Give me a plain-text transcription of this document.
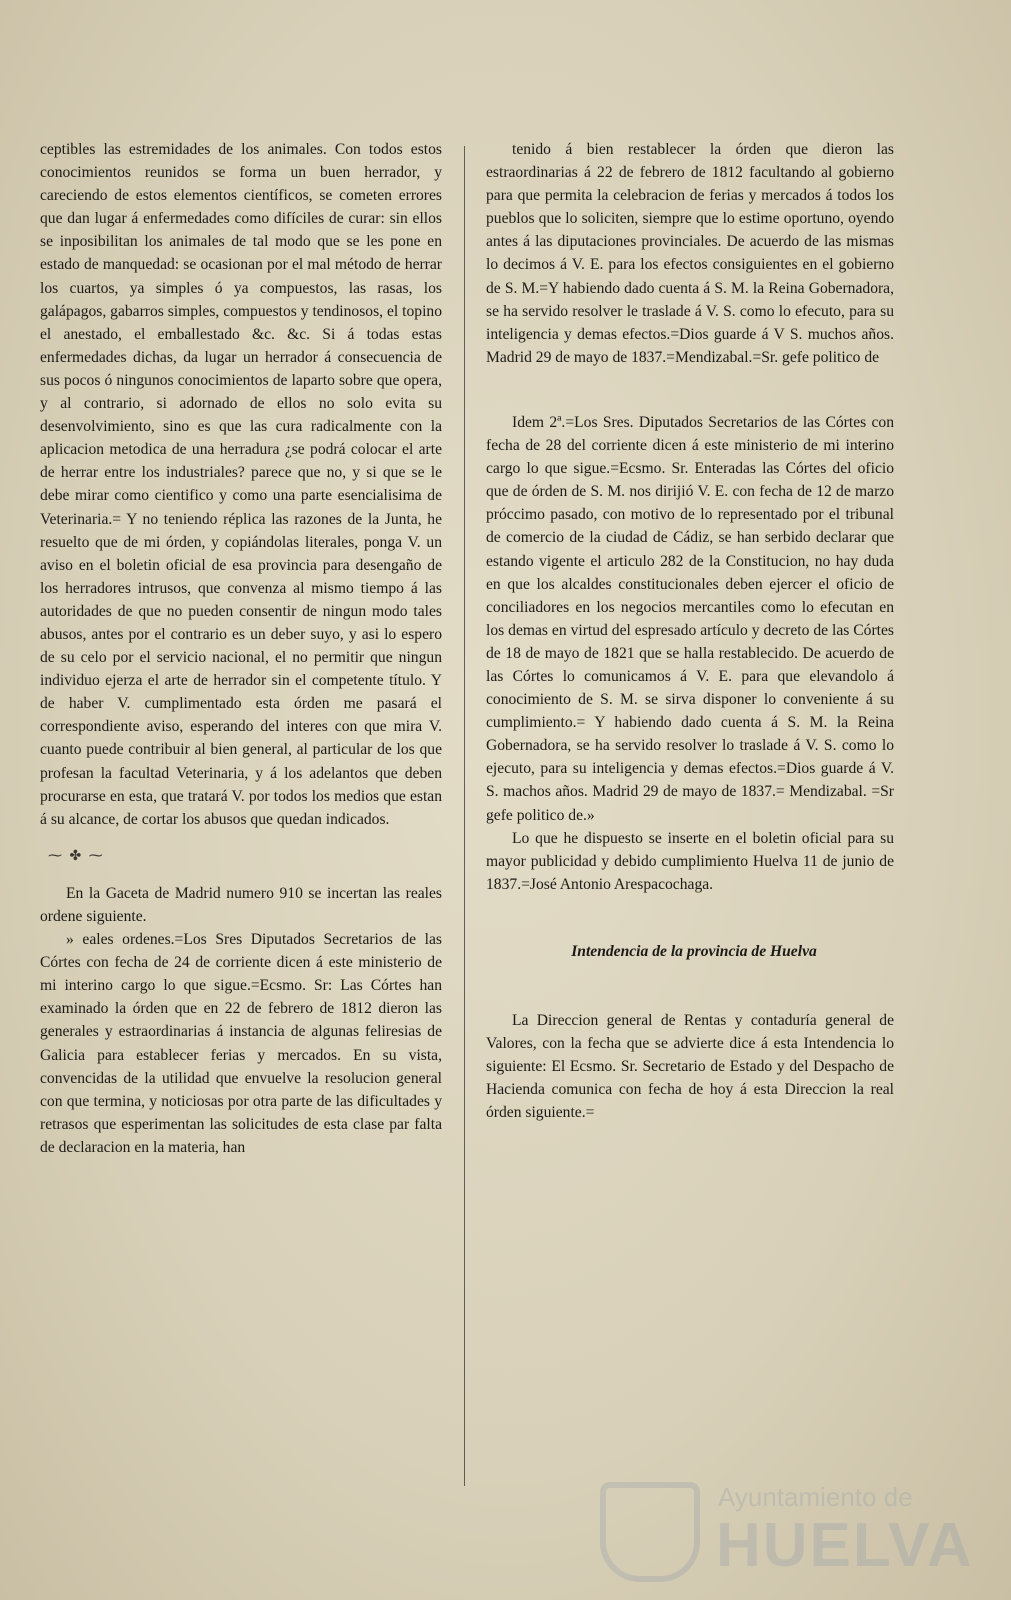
ceptibles las estremidades de los animales. Con todos estos conocimientos reunidos se forma un buen herrador, y careciendo de estos elementos científicos, se cometen errores que dan lugar á enfermedades como difíciles de curar: sin ellos se inposibilitan los animales de tal modo que se les pone en estado de manquedad: se ocasionan por el mal método de herrar los cuartos, ya simples ó ya compuestos, las rasas, los galápagos, gabarros simples, compuestos y tendinosos, el topino el anestado, el emballestado &c. &c. Si á todas estas enfermedades dichas, da lugar un herrador á consecuencia de sus pocos ó ningunos conocimientos de laparto sobre que opera, y al contrario, si adornado de ellos no solo evita su desenvolvimiento, sino es que las cura radicalmente con la aplicacion metodica de una herradura ¿se podrá colocar el arte de herrar entre los industriales? parece que no, y si que se le debe mirar como cientifico y como una parte esencialisima de Veterinaria.= Y no teniendo réplica las razones de la Junta, he resuelto que de mi órden, y copiándolas literales, ponga V. un aviso en el boletin oficial de esa provincia para desengaño de los herradores intrusos, que convenza al mismo tiempo á las autoridades de que no pueden consentir de ningun modo tales abusos, antes por el contrario es un deber suyo, y asi lo espero de su celo por el servicio nacional, el no permitir que ningun individuo ejerza el arte de herrador sin el competente título. Y de haber V. cumplimentado esta órden me pasará el correspondiente aviso, esperando del interes con que mira V. cuanto puede contribuir al bien general, al particular de los que profesan la facultad Veterinaria, y á los adelantos que deben procurarse en esta, que tratará V. por todos los medios que estan á su alcance, de cortar los abusos que quedan indicados.

⁓ ✤ ⁓

En la Gaceta de Madrid numero 910 se incertan las reales ordene siguiente.

» eales ordenes.=Los Sres Diputados Secretarios de las Córtes con fecha de 24 de corriente dicen á este ministerio de mi interino cargo lo que sigue.=Ecsmo. Sr: Las Córtes han examinado la órden que en 22 de febrero de 1812 dieron las generales y estraordinarias á instancia de algunas feliresias de Galicia para establecer ferias y mercados. En su vista, convencidas de la utilidad que envuelve la resolucion general con que termina, y noticiosas por otra parte de las dificultades y retrasos que esperimentan las solicitudes de esta clase par falta de declaracion en la materia, han

tenido á bien restablecer la órden que dieron las estraordinarias á 22 de febrero de 1812 facultando al gobierno para que permita la celebracion de ferias y mercados á todos los pueblos que lo soliciten, siempre que lo estime oportuno, oyendo antes á las diputaciones provinciales. De acuerdo de las mismas lo decimos á V. E. para los efectos consiguientes en el gobierno de S. M.=Y habiendo dado cuenta á S. M. la Reina Gobernadora, se ha servido resolver le traslade á V. S. como lo efecuto, para su inteligencia y demas efectos.=Dios guarde á V S. muchos años. Madrid 29 de mayo de 1837.=Mendizabal.=Sr. gefe politico de

Idem 2ª.=Los Sres. Diputados Secretarios de las Córtes con fecha de 28 del corriente dicen á este ministerio de mi interino cargo lo que sigue.=Ecsmo. Sr. Enteradas las Córtes del oficio que de órden de S. M. nos dirijió V. E. con fecha de 12 de marzo próccimo pasado, con motivo de lo representado por el tribunal de comercio de la ciudad de Cádiz, se han serbido declarar que estando vigente el articulo 282 de la Constitucion, no hay duda en que los alcaldes constitucionales deben ejercer el oficio de conciliadores en los negocios mercantiles como lo efecutan en los demas en virtud del espresado artículo y decreto de las Córtes de 18 de mayo de 1821 que se halla restablecido. De acuerdo de las Córtes lo comunicamos á V. E. para que elevandolo á conocimiento de S. M. se sirva disponer lo conveniente á su cumplimiento.= Y habiendo dado cuenta á S. M. la Reina Gobernadora, se ha servido resolver lo traslade á V. S. como lo ejecuto, para su inteligencia y demas efectos.=Dios guarde á V. S. machos años. Madrid 29 de mayo de 1837.= Mendizabal. =Sr gefe politico de.»

Lo que he dispuesto se inserte en el boletin oficial para su mayor publicidad y debido cumplimiento Huelva 11 de junio de 1837.=José Antonio Arespacochaga.

Intendencia de la provincia de Huelva

La Direccion general de Rentas y contaduría general de Valores, con la fecha que se advierte dice á esta Intendencia lo siguiente: El Ecsmo. Sr. Secretario de Estado y del Despacho de Hacienda comunica con fecha de hoy á esta Direccion la real órden siguiente.=

Ayuntamiento de
HUELVA
